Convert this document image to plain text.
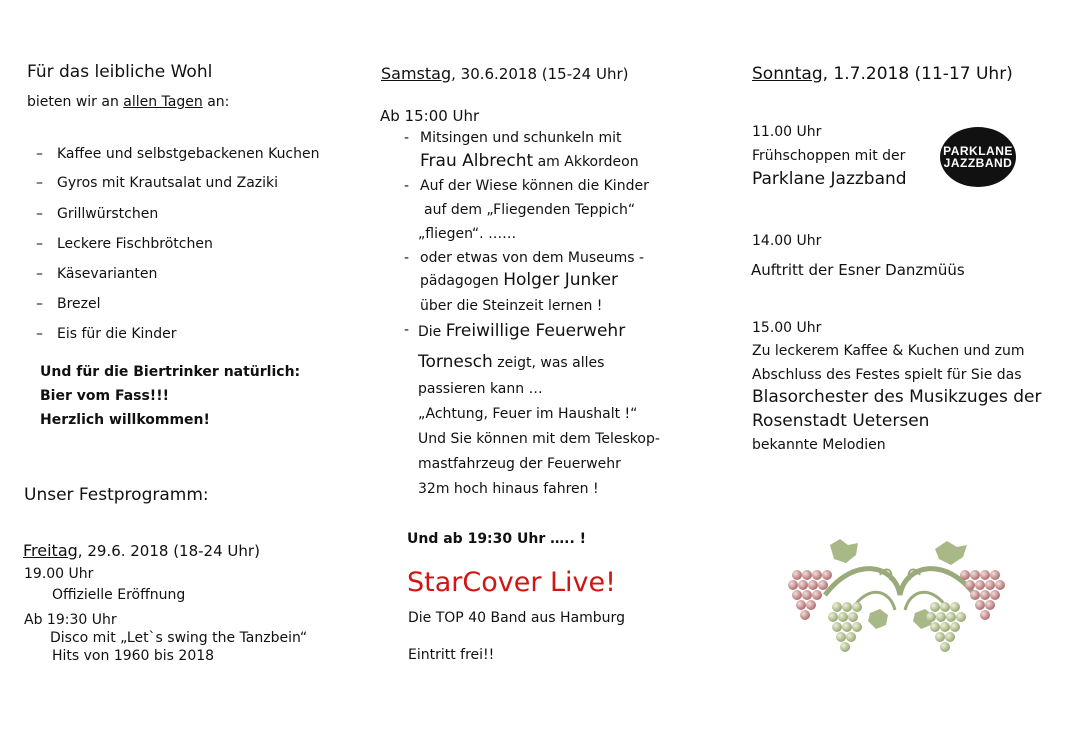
Für das leibliche Wohl
bieten wir an allen Tagen an:
– Kaffee und selbstgebackenen Kuchen
– Gyros mit Krautsalat und Zaziki
– Grillwürstchen
– Leckere Fischbrötchen
– Käsevarianten
– Brezel
– Eis für die Kinder
Und für die Biertrinker natürlich:
Bier vom Fass!!!
Herzlich willkommen!
Unser Festprogramm:
Freitag, 29.6. 2018 (18-24 Uhr)
19.00 Uhr
Offizielle Eröffnung
Ab 19:30 Uhr
Disco mit „Let`s swing the Tanzbein“
Hits von 1960 bis 2018
Samstag, 30.6.2018 (15-24 Uhr)
Ab 15:00 Uhr
- Mitsingen und schunkeln mit
Frau Albrecht am Akkordeon
- Auf der Wiese können die Kinder
auf dem „Fliegenden Teppich“
„fliegen“. ……
- oder etwas von dem Museums -
pädagogen Holger Junker
über die Steinzeit lernen !
- Die Freiwillige Feuerwehr
Tornesch zeigt, was alles
passieren kann …
„Achtung, Feuer im Haushalt !“
Und Sie können mit dem Teleskop-
mastfahrzeug der Feuerwehr
32m hoch hinaus fahren !
Und ab 19:30 Uhr ….. !
StarCover Live!
Die TOP 40 Band aus Hamburg
Eintritt frei!!
Sonntag, 1.7.2018 (11-17 Uhr)
11.00 Uhr
Frühschoppen mit der
Parklane Jazzband
PARKLANE
JAZZBAND
14.00 Uhr
Auftritt der Esner Danzmüüs
15.00 Uhr
Zu leckerem Kaffee & Kuchen und zum
Abschluss des Festes spielt für Sie das
Blasorchester des Musikzuges der
Rosenstadt Uetersen
bekannte Melodien
